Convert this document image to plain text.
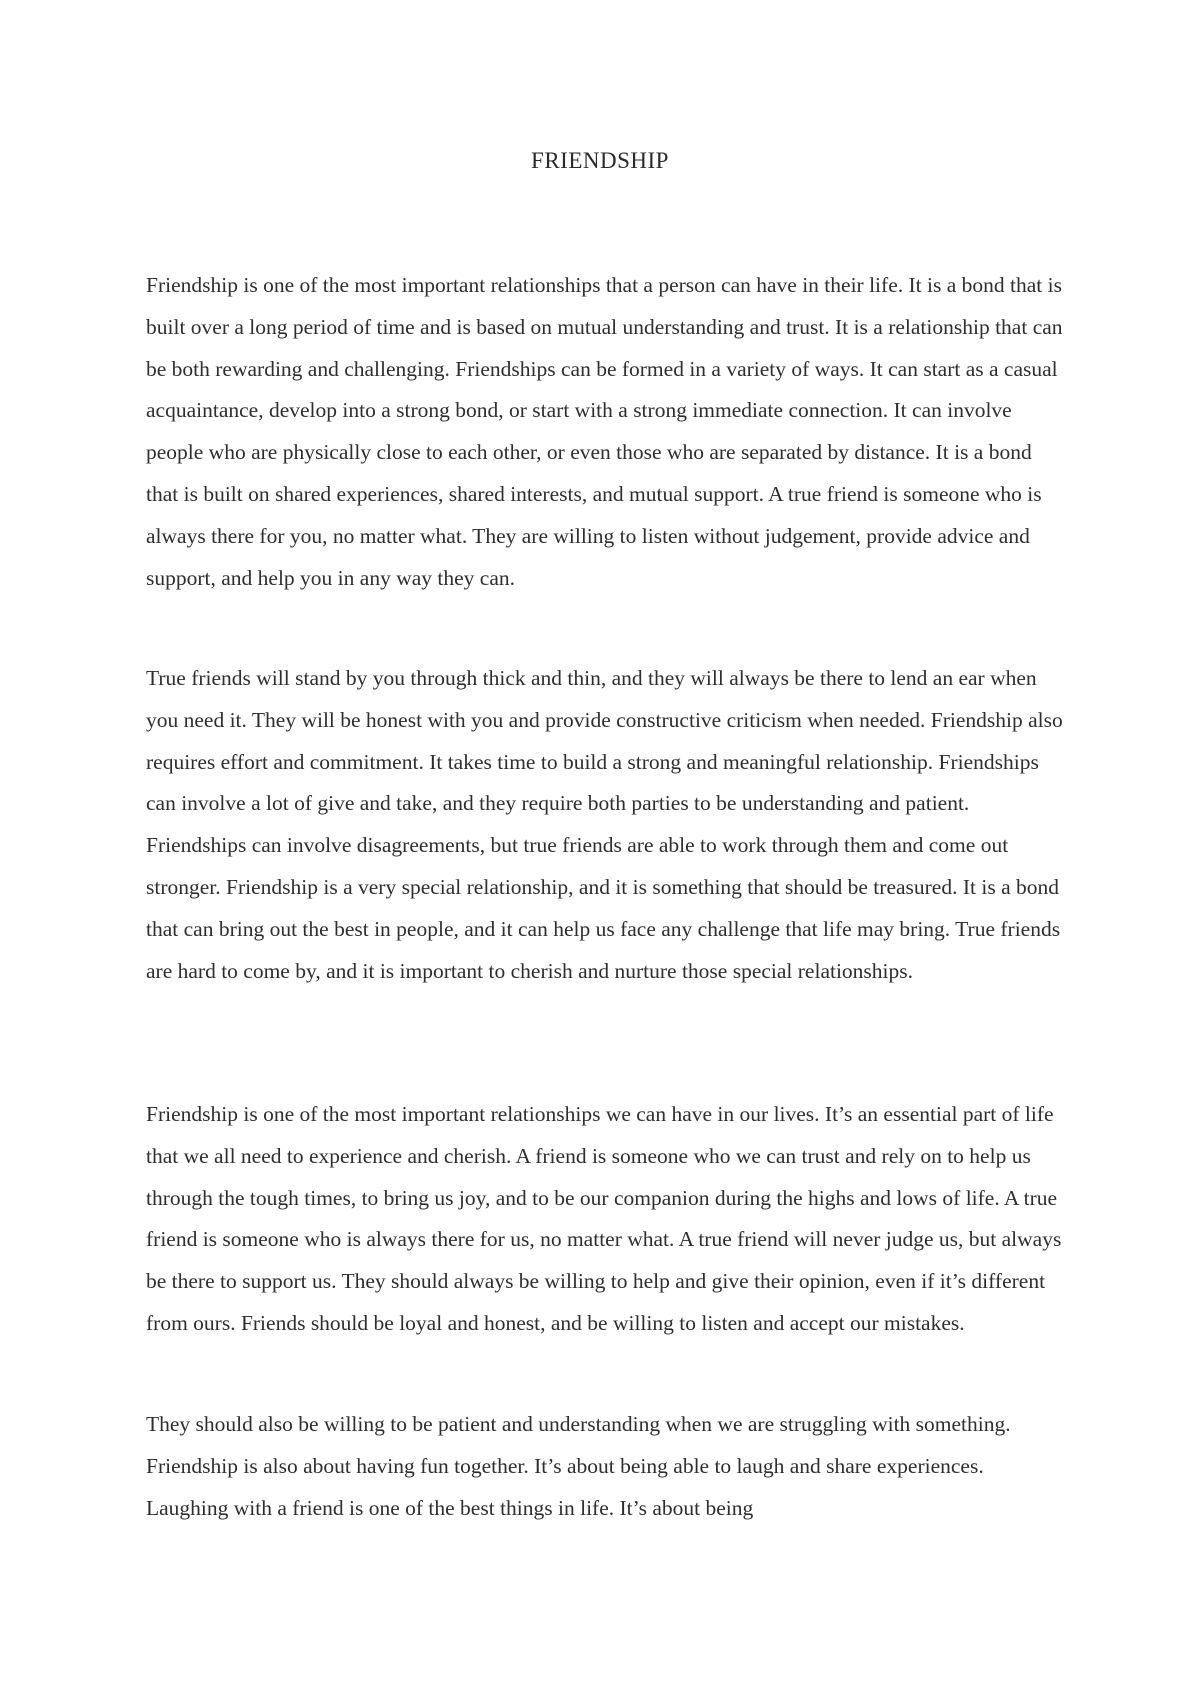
FRIENDSHIP

Friendship is one of the most important relationships that a person can have in their life. It is a bond that is built over a long period of time and is based on mutual understanding and trust. It is a relationship that can be both rewarding and challenging. Friendships can be formed in a variety of ways. It can start as a casual acquaintance, develop into a strong bond, or start with a strong immediate connection. It can involve people who are physically close to each other, or even those who are separated by distance. It is a bond that is built on shared experiences, shared interests, and mutual support. A true friend is someone who is always there for you, no matter what. They are willing to listen without judgement, provide advice and support, and help you in any way they can.

True friends will stand by you through thick and thin, and they will always be there to lend an ear when you need it. They will be honest with you and provide constructive criticism when needed. Friendship also requires effort and commitment. It takes time to build a strong and meaningful relationship. Friendships can involve a lot of give and take, and they require both parties to be understanding and patient. Friendships can involve disagreements, but true friends are able to work through them and come out stronger. Friendship is a very special relationship, and it is something that should be treasured. It is a bond that can bring out the best in people, and it can help us face any challenge that life may bring. True friends are hard to come by, and it is important to cherish and nurture those special relationships.

Friendship is one of the most important relationships we can have in our lives. It’s an essential part of life that we all need to experience and cherish. A friend is someone who we can trust and rely on to help us through the tough times, to bring us joy, and to be our companion during the highs and lows of life. A true friend is someone who is always there for us, no matter what. A true friend will never judge us, but always be there to support us. They should always be willing to help and give their opinion, even if it’s different from ours. Friends should be loyal and honest, and be willing to listen and accept our mistakes.

They should also be willing to be patient and understanding when we are struggling with something. Friendship is also about having fun together. It’s about being able to laugh and share experiences. Laughing with a friend is one of the best things in life. It’s about being
